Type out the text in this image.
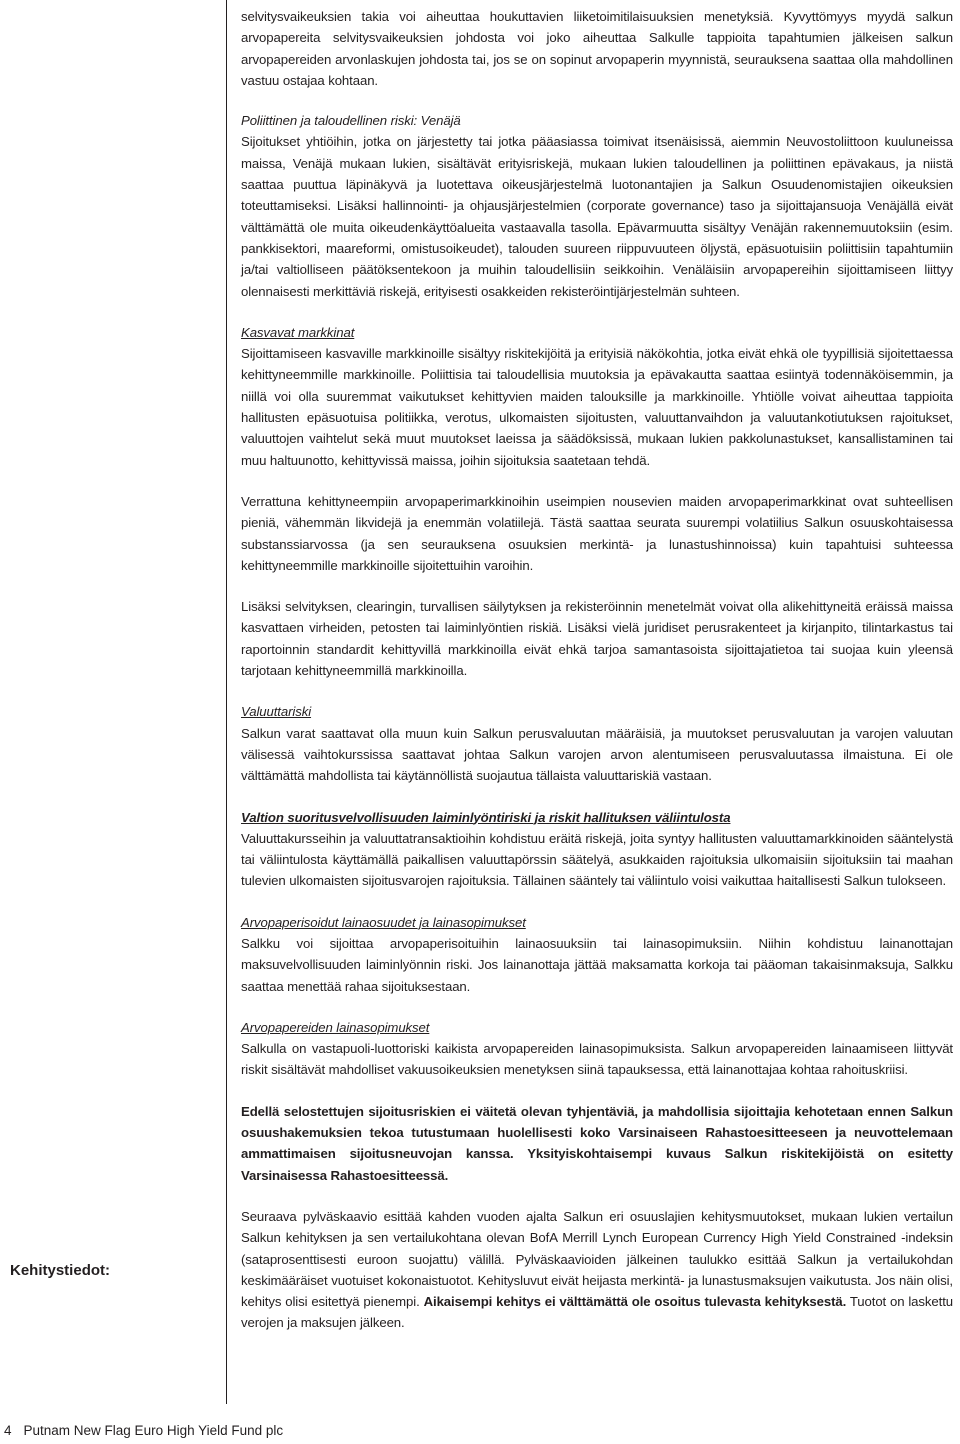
Kehitystiedot:

selvitysvaikeuksien takia voi aiheuttaa houkuttavien liiketoimitilaisuuksien menetyksiä. Kyvyttömyys myydä salkun arvopapereita selvitysvaikeuksien johdosta voi joko aiheuttaa Salkulle tappioita tapahtumien jälkeisen salkun arvopapereiden arvonlaskujen johdosta tai, jos se on sopinut arvopaperin myynnistä, seurauksena saattaa olla mahdollinen vastuu ostajaa kohtaan.

Poliittinen ja taloudellinen riski: Venäjä

Sijoitukset yhtiöihin, jotka on järjestetty tai jotka pääasiassa toimivat itsenäisissä, aiemmin Neuvostoliittoon kuuluneissa maissa, Venäjä mukaan lukien, sisältävät erityisriskejä, mukaan lukien taloudellinen ja poliittinen epävakaus, ja niistä saattaa puuttua läpinäkyvä ja luotettava oikeusjärjestelmä luotonantajien ja Salkun Osuudenomistajien oikeuksien toteuttamiseksi. Lisäksi hallinnointi- ja ohjausjärjestelmien (corporate governance) taso ja sijoittajansuoja Venäjällä eivät välttämättä ole muita oikeudenkäyttöalueita vastaavalla tasolla. Epävarmuutta sisältyy Venäjän rakennemuutoksiin (esim. pankkisektori, maareformi, omistusoikeudet), talouden suureen riippuvuuteen öljystä, epäsuotuisiin poliittisiin tapahtumiin ja/tai valtiolliseen päätöksentekoon ja muihin taloudellisiin seikkoihin. Venäläisiin arvopapereihin sijoittamiseen liittyy olennaisesti merkittäviä riskejä, erityisesti osakkeiden rekisteröintijärjestelmän suhteen.

Kasvavat markkinat

Sijoittamiseen kasvaville markkinoille sisältyy riskitekijöitä ja erityisiä näkökohtia, jotka eivät ehkä ole tyypillisiä sijoitettaessa kehittyneemmille markkinoille. Poliittisia tai taloudellisia muutoksia ja epävakautta saattaa esiintyä todennäköisemmin, ja niillä voi olla suuremmat vaikutukset kehittyvien maiden talouksille ja markkinoille. Yhtiölle voivat aiheuttaa tappioita hallitusten epäsuotuisa politiikka, verotus, ulkomaisten sijoitusten, valuuttanvaihdon ja valuutankotiutuksen rajoitukset, valuuttojen vaihtelut sekä muut muutokset laeissa ja säädöksissä, mukaan lukien pakkolunastukset, kansallistaminen tai muu haltuunotto, kehittyvissä maissa, joihin sijoituksia saatetaan tehdä.

Verrattuna kehittyneempiin arvopaperimarkkinoihin useimpien nousevien maiden arvopaperimarkkinat ovat suhteellisen pieniä, vähemmän likvidejä ja enemmän volatiilejä. Tästä saattaa seurata suurempi volatiilius Salkun osuuskohtaisessa substanssiarvossa (ja sen seurauksena osuuksien merkintä- ja lunastushinnoissa) kuin tapahtuisi suhteessa kehittyneemmille markkinoille sijoitettuihin varoihin.

Lisäksi selvityksen, clearingin, turvallisen säilytyksen ja rekisteröinnin menetelmät voivat olla alikehittyneitä eräissä maissa kasvattaen virheiden, petosten tai laiminlyöntien riskiä. Lisäksi vielä juridiset perusrakenteet ja kirjanpito, tilintarkastus tai raportoinnin standardit kehittyvillä markkinoilla eivät ehkä tarjoa samantasoista sijoittajatietoa tai suojaa kuin yleensä tarjotaan kehittyneemmillä markkinoilla.

Valuuttariski

Salkun varat saattavat olla muun kuin Salkun perusvaluutan määräisiä, ja muutokset perusvaluutan ja varojen valuutan välisessä vaihtokurssissa saattavat johtaa Salkun varojen arvon alentumiseen perusvaluutassa ilmaistuna. Ei ole välttämättä mahdollista tai käytännöllistä suojautua tällaista valuuttariskiä vastaan.

Valtion suoritusvelvollisuuden laiminlyöntiriski ja riskit hallituksen väliintulosta

Valuuttakursseihin ja valuuttatransaktioihin kohdistuu eräitä riskejä, joita syntyy hallitusten valuuttamarkkinoiden sääntelystä tai väliintulosta käyttämällä paikallisen valuuttapörssin säätelyä, asukkaiden rajoituksia ulkomaisiin sijoituksiin tai maahan tulevien ulkomaisten sijoitusvarojen rajoituksia. Tällainen sääntely tai väliintulo voisi vaikuttaa haitallisesti Salkun tulokseen.

Arvopaperisoidut lainaosuudet ja lainasopimukset

Salkku voi sijoittaa arvopaperisoituihin lainaosuuksiin tai lainasopimuksiin. Niihin kohdistuu lainanottajan maksuvelvollisuuden laiminlyönnin riski. Jos lainanottaja jättää maksamatta korkoja tai pääoman takaisinmaksuja, Salkku saattaa menettää rahaa sijoituksestaan.

Arvopapereiden lainasopimukset

Salkulla on vastapuoli-luottoriski kaikista arvopapereiden lainasopimuksista. Salkun arvopapereiden lainaamiseen liittyvät riskit sisältävät mahdolliset vakuusoikeuksien menetyksen siinä tapauksessa, että lainanottajaa kohtaa rahoituskriisi.

Edellä selostettujen sijoitusriskien ei väitetä olevan tyhjentäviä, ja mahdollisia sijoittajia kehotetaan ennen Salkun osuushakemuksien tekoa tutustumaan huolellisesti koko Varsinaiseen Rahastoesitteeseen ja neuvottelemaan ammattimaisen sijoitusneuvojan kanssa. Yksityiskohtaisempi kuvaus Salkun riskitekijöistä on esitetty Varsinaisessa Rahastoesitteessä.

Seuraava pylväskaavio esittää kahden vuoden ajalta Salkun eri osuuslajien kehitysmuutokset, mukaan lukien vertailun Salkun kehityksen ja sen vertailukohtana olevan BofA Merrill Lynch European Currency High Yield Constrained -indeksin (sataprosenttisesti euroon suojattu) välillä. Pylväskaavioiden jälkeinen taulukko esittää Salkun ja vertailukohdan keskimääräiset vuotuiset kokonaistuotot. Kehitysluvut eivät heijasta merkintä- ja lunastusmaksujen vaikutusta. Jos näin olisi, kehitys olisi esitettyä pienempi. Aikaisempi kehitys ei välttämättä ole osoitus tulevasta kehityksestä. Tuotot on laskettu verojen ja maksujen jälkeen.

4 Putnam New Flag Euro High Yield Fund plc
